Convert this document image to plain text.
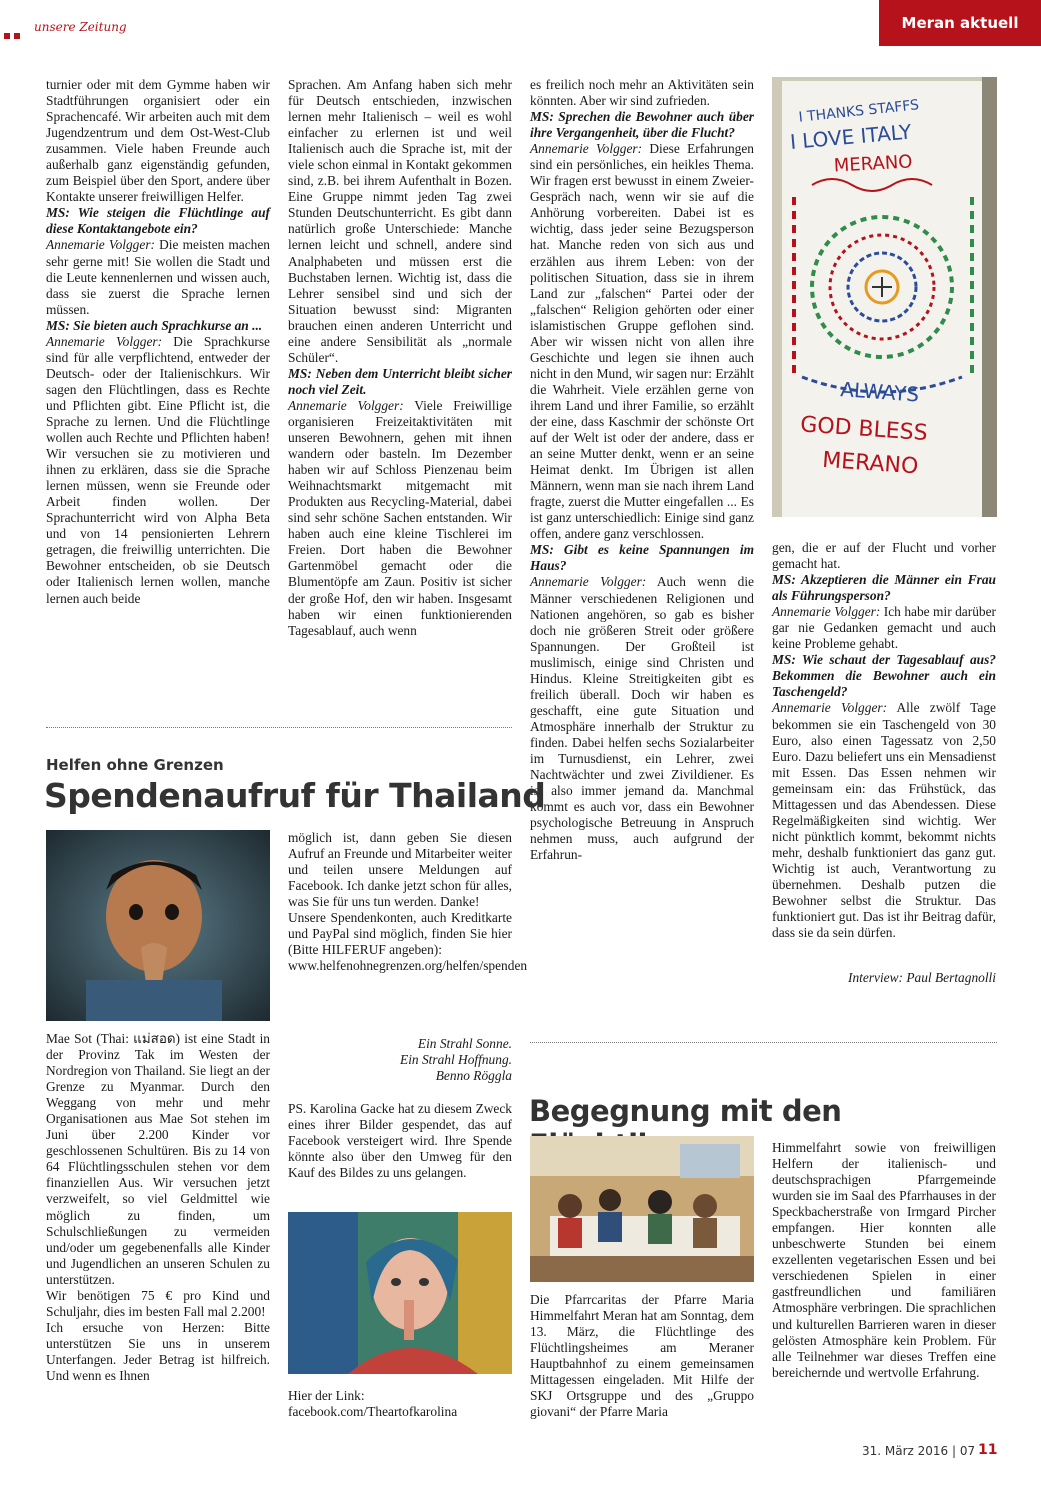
unsere Zeitung	Meran aktuell

turnier oder mit dem Gymme haben wir Stadtführungen organisiert oder ein Sprachencafé. Wir arbeiten auch mit dem Jugendzentrum und dem Ost-West-Club zusammen. Viele haben Freunde auch außerhalb ganz eigenständig gefunden, zum Beispiel über den Sport, andere über Kontakte unserer freiwilligen Helfer.

MS: Wie steigen die Flüchtlinge auf diese Kontaktangebote ein?

Annemarie Volgger: Die meisten machen sehr gerne mit! Sie wollen die Stadt und die Leute kennenlernen und wissen auch, dass sie zuerst die Sprache lernen müssen.

MS: Sie bieten auch Sprachkurse an ...

Annemarie Volgger: Die Sprachkurse sind für alle verpflichtend, entweder der Deutsch- oder der Italienischkurs. Wir sagen den Flüchtlingen, dass es Rechte und Pflichten gibt. Eine Pflicht ist, die Sprache zu lernen. Und die Flüchtlinge wollen auch Rechte und Pflichten haben! Wir versuchen sie zu motivieren und ihnen zu erklären, dass sie die Sprache lernen müssen, wenn sie Freunde oder Arbeit finden wollen. Der Sprachunterricht wird von Alpha Beta und von 14 pensionierten Lehrern getragen, die freiwillig unterrichten. Die Bewohner entscheiden, ob sie Deutsch oder Italienisch lernen wollen, manche lernen auch beide

Sprachen. Am Anfang haben sich mehr für Deutsch entschieden, inzwischen lernen mehr Italienisch – weil es wohl einfacher zu erlernen ist und weil Italienisch auch die Sprache ist, mit der viele schon einmal in Kontakt gekommen sind, z.B. bei ihrem Aufenthalt in Bozen. Eine Gruppe nimmt jeden Tag zwei Stunden Deutschunterricht. Es gibt dann natürlich große Unterschiede: Manche lernen leicht und schnell, andere sind Analphabeten und müssen erst die Buchstaben lernen. Wichtig ist, dass die Lehrer sensibel sind und sich der Situation bewusst sind: Migranten brauchen einen anderen Unterricht und eine andere Sensibilität als „normale Schüler“.

MS: Neben dem Unterricht bleibt sicher noch viel Zeit.

Annemarie Volgger: Viele Freiwillige organisieren Freizeitaktivitäten mit unseren Bewohnern, gehen mit ihnen wandern oder basteln. Im Dezember haben wir auf Schloss Pienzenau beim Weihnachtsmarkt mitgemacht mit Produkten aus Recycling-Material, dabei sind sehr schöne Sachen entstanden. Wir haben auch eine kleine Tischlerei im Freien. Dort haben die Bewohner Gartenmöbel gemacht oder die Blumentöpfe am Zaun. Positiv ist sicher der große Hof, den wir haben. Insgesamt haben wir einen funktionierenden Tagesablauf, auch wenn

es freilich noch mehr an Aktivitäten sein könnten. Aber wir sind zufrieden.

MS: Sprechen die Bewohner auch über ihre Vergangenheit, über die Flucht?

Annemarie Volgger: Diese Erfahrungen sind ein persönliches, ein heikles Thema. Wir fragen erst bewusst in einem Zweier-Gespräch nach, wenn wir sie auf die Anhörung vorbereiten. Dabei ist es wichtig, dass jeder seine Bezugsperson hat. Manche reden von sich aus und erzählen aus ihrem Leben: von der politischen Situation, dass sie in ihrem Land zur „falschen“ Partei oder der „falschen“ Religion gehörten oder einer islamistischen Gruppe geflohen sind. Aber wir wissen nicht von allen ihre Geschichte und legen sie ihnen auch nicht in den Mund, wir sagen nur: Erzählt die Wahrheit. Viele erzählen gerne von ihrem Land und ihrer Familie, so erzählt der eine, dass Kaschmir der schönste Ort auf der Welt ist oder der andere, dass er an seine Mutter denkt, wenn er an seine Heimat denkt. Im Übrigen ist allen Männern, wenn man sie nach ihrem Land fragte, zuerst die Mutter eingefallen ... Es ist ganz unterschiedlich: Einige sind ganz offen, andere ganz verschlossen.

MS: Gibt es keine Spannungen im Haus?

Annemarie Volgger: Auch wenn die Männer verschiedenen Religionen und Nationen angehören, so gab es bisher doch nie größeren Streit oder größere Spannungen. Der Großteil ist muslimisch, einige sind Christen und Hindus. Kleine Streitigkeiten gibt es freilich überall. Doch wir haben es geschafft, eine gute Situation und Atmosphäre innerhalb der Struktur zu finden. Dabei helfen sechs Sozialarbeiter im Turnusdienst, ein Lehrer, zwei Nachtwächter und zwei Zivildiener. Es ist also immer jemand da. Manchmal kommt es auch vor, dass ein Bewohner psychologische Betreuung in Anspruch nehmen muss, auch aufgrund der Erfahrun-

I THANKS STAFFS
I LOVE ITALY
MERANO
ALWAYS
GOD BLESS
MERANO

gen, die er auf der Flucht und vorher gemacht hat.

MS: Akzeptieren die Männer ein Frau als Führungsperson?

Annemarie Volgger: Ich habe mir darüber gar nie Gedanken gemacht und auch keine Probleme gehabt.

MS: Wie schaut der Tagesablauf aus? Bekommen die Bewohner auch ein Taschengeld?

Annemarie Volgger: Alle zwölf Tage bekommen sie ein Taschengeld von 30 Euro, also einen Tagessatz von 2,50 Euro. Dazu beliefert uns ein Mensadienst mit Essen. Das Essen nehmen wir gemeinsam ein: das Frühstück, das Mittagessen und das Abendessen. Diese Regelmäßigkeiten sind wichtig. Wer nicht pünktlich kommt, bekommt nichts mehr, deshalb funktioniert das ganz gut. Wichtig ist auch, Verantwortung zu übernehmen. Deshalb putzen die Bewohner selbst die Struktur. Das funktioniert gut. Das ist ihr Beitrag dafür, dass sie da sein dürfen.

Interview: Paul Bertagnolli
Helfen ohne Grenzen
Spendenaufruf für Thailand

Mae Sot (Thai: แม่สอด) ist eine Stadt in der Provinz Tak im Westen der Nordregion von Thailand. Sie liegt an der Grenze zu Myanmar. Durch den Weggang von mehr und mehr Organisationen aus Mae Sot stehen im Juni über 2.200 Kinder vor geschlossenen Schultüren. Bis zu 14 von 64 Flüchtlingsschulen stehen vor dem finanziellen Aus. Wir versuchen jetzt verzweifelt, so viel Geldmittel wie möglich zu finden, um Schulschließungen zu vermeiden und/oder um gegebenenfalls alle Kinder und Jugendlichen an unseren Schulen zu unterstützen.

Wir benötigen 75 € pro Kind und Schuljahr, dies im besten Fall mal 2.200!

Ich ersuche von Herzen: Bitte unterstützen Sie uns in unserem Unterfangen. Jeder Betrag ist hilfreich. Und wenn es Ihnen

möglich ist, dann geben Sie diesen Aufruf an Freunde und Mitarbeiter weiter und teilen unsere Meldungen auf Facebook. Ich danke jetzt schon für alles, was Sie für uns tun werden. Danke!

Unsere Spendenkonten, auch Kreditkarte und PayPal sind möglich, finden Sie hier (Bitte HILFERUF angeben):

www.helfenohnegrenzen.org/helfen/spenden

Ein Strahl Sonne.

Ein Strahl Hoffnung.

Benno Röggla

PS. Karolina Gacke hat zu diesem Zweck eines ihrer Bilder gespendet, das auf Facebook versteigert wird. Ihre Spende könnte also über den Umweg für den Kauf des Bildes zu uns gelangen.
Hier der Link:
facebook.com/Theartofkarolina
Begegnung mit den
Die Pfarrcaritas der Pfarre Maria Himmelfahrt Meran hat am Sonntag, dem 13. März, die Flüchtlinge des Flüchtlingsheimes am Meraner Hauptbahnhof zu einem gemeinsamen Mittagessen eingeladen. Mit Hilfe der SKJ Ortsgruppe und des „Gruppo giovani“ der Pfarre Maria
Himmelfahrt sowie von freiwilligen Helfern der italienisch- und deutschsprachigen Pfarrgemeinde wurden sie im Saal des Pfarrhauses in der Speckbacherstraße von Irmgard Pircher empfangen. Hier konnten alle unbeschwerte Stunden bei einem exzellenten vegetarischen Essen und bei verschiedenen Spielen in einer gastfreundlichen und familiären Atmosphäre verbringen. Die sprachlichen und kulturellen Barrieren waren in dieser gelösten Atmosphäre kein Problem. Für alle Teilnehmer war dieses Treffen eine bereichernde und wertvolle Erfahrung.
31. März 2016 | 07 11
